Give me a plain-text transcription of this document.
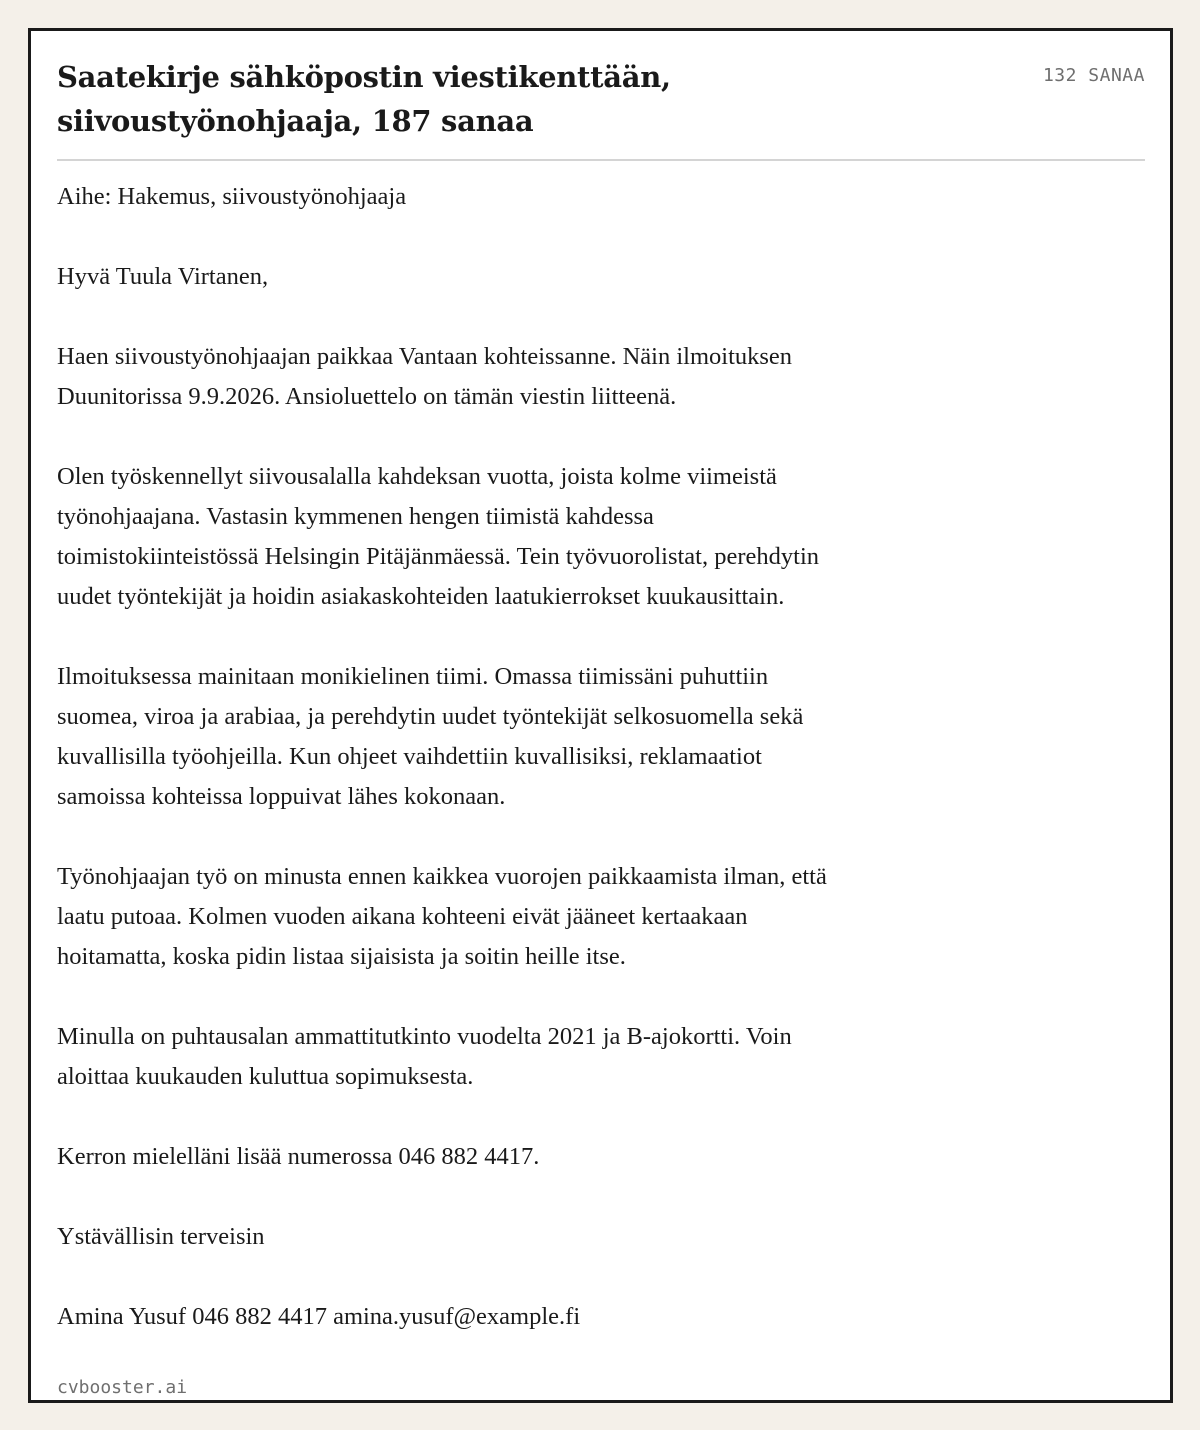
Saatekirje sähköpostin viestikenttään, siivoustyönohjaaja, 187 sanaa
132 SANAA

Aihe: Hakemus, siivoustyönohjaaja

Hyvä Tuula Virtanen,

Haen siivoustyönohjaajan paikkaa Vantaan kohteissanne. Näin ilmoituksen
Duunitorissa 9.9.2026. Ansioluettelo on tämän viestin liitteenä.

Olen työskennellyt siivousalalla kahdeksan vuotta, joista kolme viimeistä
työnohjaajana. Vastasin kymmenen hengen tiimistä kahdessa
toimistokiinteistössä Helsingin Pitäjänmäessä. Tein työvuorolistat, perehdytin
uudet työntekijät ja hoidin asiakaskohteiden laatukierrokset kuukausittain.

Ilmoituksessa mainitaan monikielinen tiimi. Omassa tiimissäni puhuttiin
suomea, viroa ja arabiaa, ja perehdytin uudet työntekijät selkosuomella sekä
kuvallisilla työohjeilla. Kun ohjeet vaihdettiin kuvallisiksi, reklamaatiot
samoissa kohteissa loppuivat lähes kokonaan.

Työnohjaajan työ on minusta ennen kaikkea vuorojen paikkaamista ilman, että
laatu putoaa. Kolmen vuoden aikana kohteeni eivät jääneet kertaakaan
hoitamatta, koska pidin listaa sijaisista ja soitin heille itse.

Minulla on puhtausalan ammattitutkinto vuodelta 2021 ja B-ajokortti. Voin
aloittaa kuukauden kuluttua sopimuksesta.

Kerron mielelläni lisää numerossa 046 882 4417.

Ystävällisin terveisin

Amina Yusuf 046 882 4417 amina.yusuf@example.fi

cvbooster.ai
